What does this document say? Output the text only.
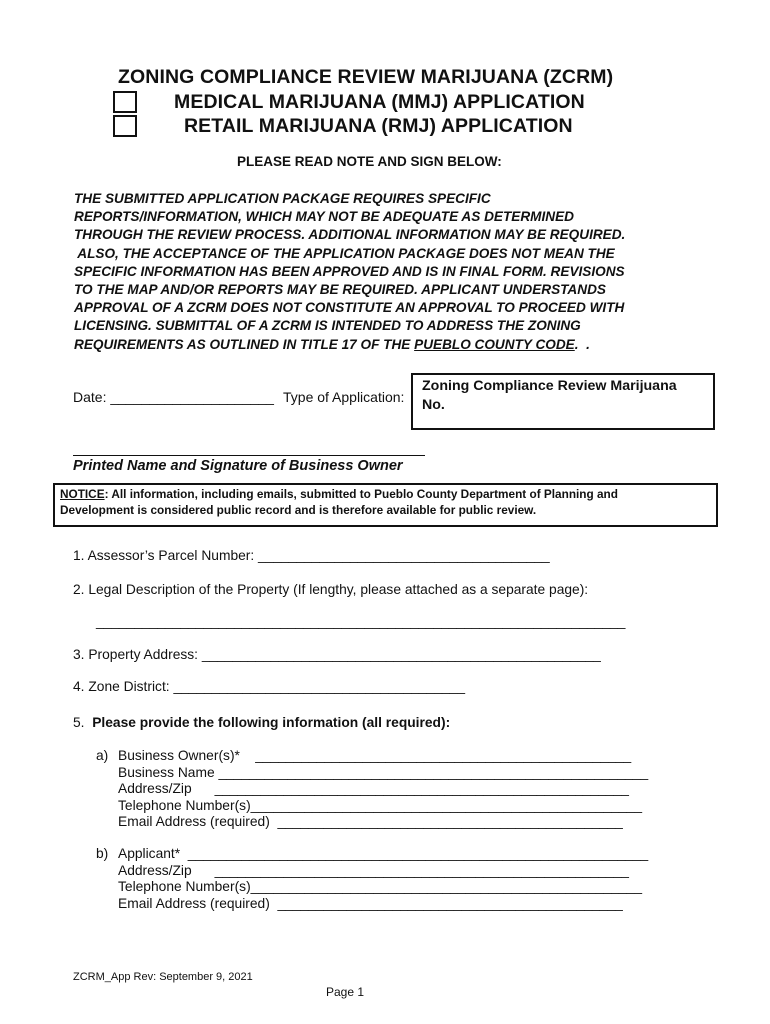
ZONING COMPLIANCE REVIEW MARIJUANA (ZCRM)
MEDICAL MARIJUANA (MMJ) APPLICATION
RETAIL MARIJUANA (RMJ) APPLICATION
PLEASE READ NOTE AND SIGN BELOW:
THE SUBMITTED APPLICATION PACKAGE REQUIRES SPECIFIC
REPORTS/INFORMATION, WHICH MAY NOT BE ADEQUATE AS DETERMINED
THROUGH THE REVIEW PROCESS. ADDITIONAL INFORMATION MAY BE REQUIRED.
ALSO, THE ACCEPTANCE OF THE APPLICATION PACKAGE DOES NOT MEAN THE
SPECIFIC INFORMATION HAS BEEN APPROVED AND IS IN FINAL FORM. REVISIONS
TO THE MAP AND/OR REPORTS MAY BE REQUIRED. APPLICANT UNDERSTANDS
APPROVAL OF A ZCRM DOES NOT CONSTITUTE AN APPROVAL TO PROCEED WITH
LICENSING. SUBMITTAL OF A ZCRM IS INTENDED TO ADDRESS THE ZONING
REQUIREMENTS AS OUTLINED IN TITLE 17 OF THE PUEBLO COUNTY CODE.  .
Date: _____________________ Type of Application:
Zoning Compliance Review Marijuana
No.
Printed Name and Signature of Business Owner
NOTICE: All information, including emails, submitted to Pueblo County Department of Planning and
Development is considered public record and is therefore available for public review.
1. Assessor’s Parcel Number: ______________________________________
2. Legal Description of the Property (If lengthy, please attached as a separate page):
_____________________________________________________________________
3. Property Address: ____________________________________________________
4. Zone District: ______________________________________
5. Please provide the following information (all required):
a) Business Owner(s)*    _________________________________________________
Business Name ________________________________________________________
Address/Zip      ______________________________________________________
Telephone Number(s)___________________________________________________
Email Address (required)  _____________________________________________
b) Applicant*  ____________________________________________________________
Address/Zip      ______________________________________________________
Telephone Number(s)___________________________________________________
Email Address (required)  _____________________________________________
ZCRM_App Rev: September 9, 2021
Page 1
